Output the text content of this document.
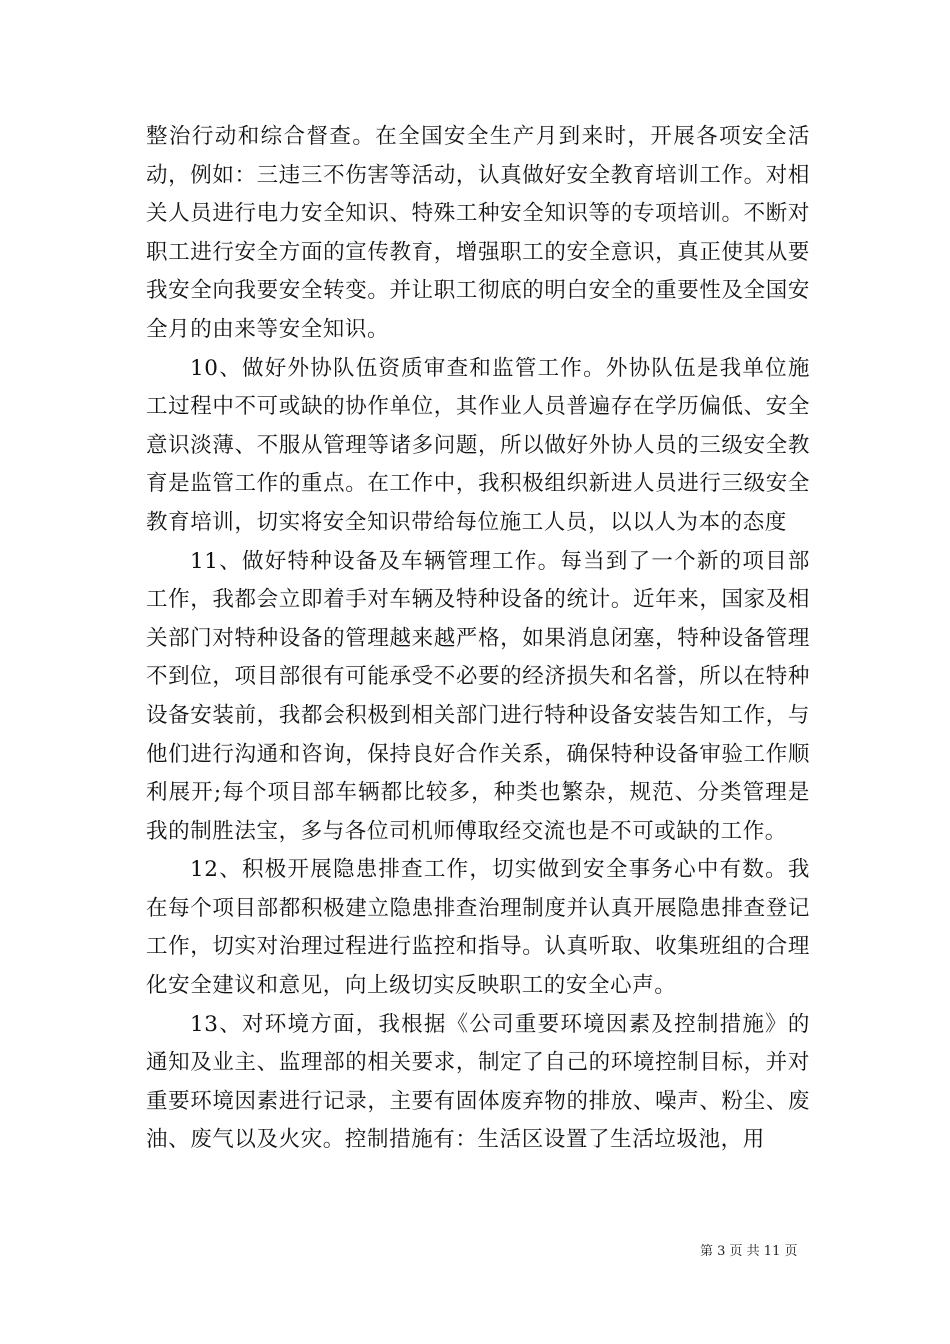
整治行动和综合督查。在全国安全生产月到来时，开展各项安全活动，例如：三违三不伤害等活动，认真做好安全教育培训工作。对相关人员进行电力安全知识、特殊工种安全知识等的专项培训。不断对职工进行安全方面的宣传教育，增强职工的安全意识，真正使其从要我安全向我要安全转变。并让职工彻底的明白安全的重要性及全国安全月的由来等安全知识。

10、做好外协队伍资质审查和监管工作。外协队伍是我单位施工过程中不可或缺的协作单位，其作业人员普遍存在学历偏低、安全意识淡薄、不服从管理等诸多问题，所以做好外协人员的三级安全教育是监管工作的重点。在工作中，我积极组织新进人员进行三级安全教育培训，切实将安全知识带给每位施工人员，以以人为本的态度

11、做好特种设备及车辆管理工作。每当到了一个新的项目部工作，我都会立即着手对车辆及特种设备的统计。近年来，国家及相关部门对特种设备的管理越来越严格，如果消息闭塞，特种设备管理不到位，项目部很有可能承受不必要的经济损失和名誉，所以在特种设备安装前，我都会积极到相关部门进行特种设备安装告知工作，与他们进行沟通和咨询，保持良好合作关系，确保特种设备审验工作顺利展开;每个项目部车辆都比较多，种类也繁杂，规范、分类管理是我的制胜法宝，多与各位司机师傅取经交流也是不可或缺的工作。

12、积极开展隐患排查工作，切实做到安全事务心中有数。我在每个项目部都积极建立隐患排查治理制度并认真开展隐患排查登记工作，切实对治理过程进行监控和指导。认真听取、收集班组的合理化安全建议和意见，向上级切实反映职工的安全心声。

13、对环境方面，我根据《公司重要环境因素及控制措施》的通知及业主、监理部的相关要求，制定了自己的环境控制目标，并对重要环境因素进行记录，主要有固体废弃物的排放、噪声、粉尘、废油、废气以及火灾。控制措施有：生活区设置了生活垃圾池，用

第 3 页 共 11 页
